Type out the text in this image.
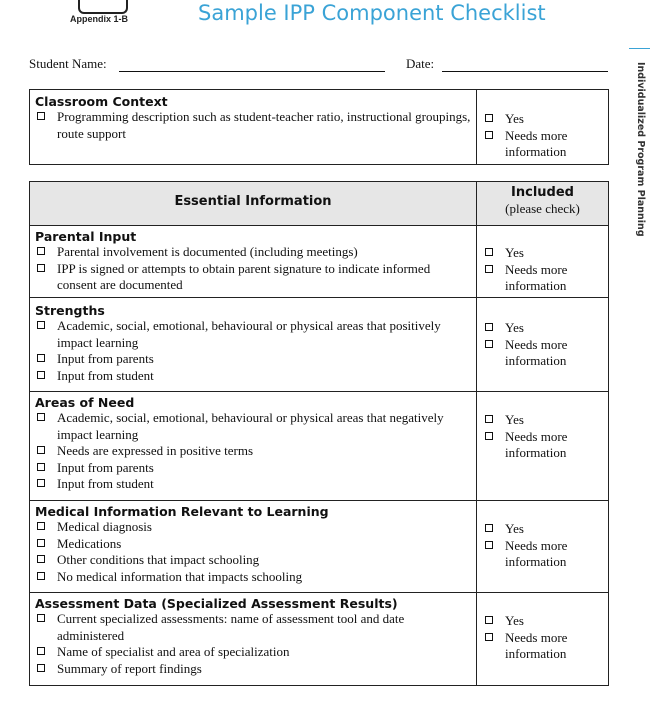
Appendix 1-B	Sample IPP Component Checklist
Individualized Program Planning
Student Name:	Date:
Classroom Context
Programming description such as student-teacher ratio, instructional groupings, route support
Yes
Needs more information
Essential Information
Included
(please check)
Parental Input
Parental involvement is documented (including meetings)
IPP is signed or attempts to obtain parent signature to indicate informed consent are documented
Yes
Needs more information
Strengths
Academic, social, emotional, behavioural or physical areas that positively impact learning
Input from parents
Input from student
Yes
Needs more information
Areas of Need
Academic, social, emotional, behavioural or physical areas that negatively impact learning
Needs are expressed in positive terms
Input from parents
Input from student
Yes
Needs more information
Medical Information Relevant to Learning
Medical diagnosis
Medications
Other conditions that impact schooling
No medical information that impacts schooling
Yes
Needs more information
Assessment Data (Specialized Assessment Results)
Current specialized assessments: name of assessment tool and date administered
Name of specialist and area of specialization
Summary of report findings
Yes
Needs more information
